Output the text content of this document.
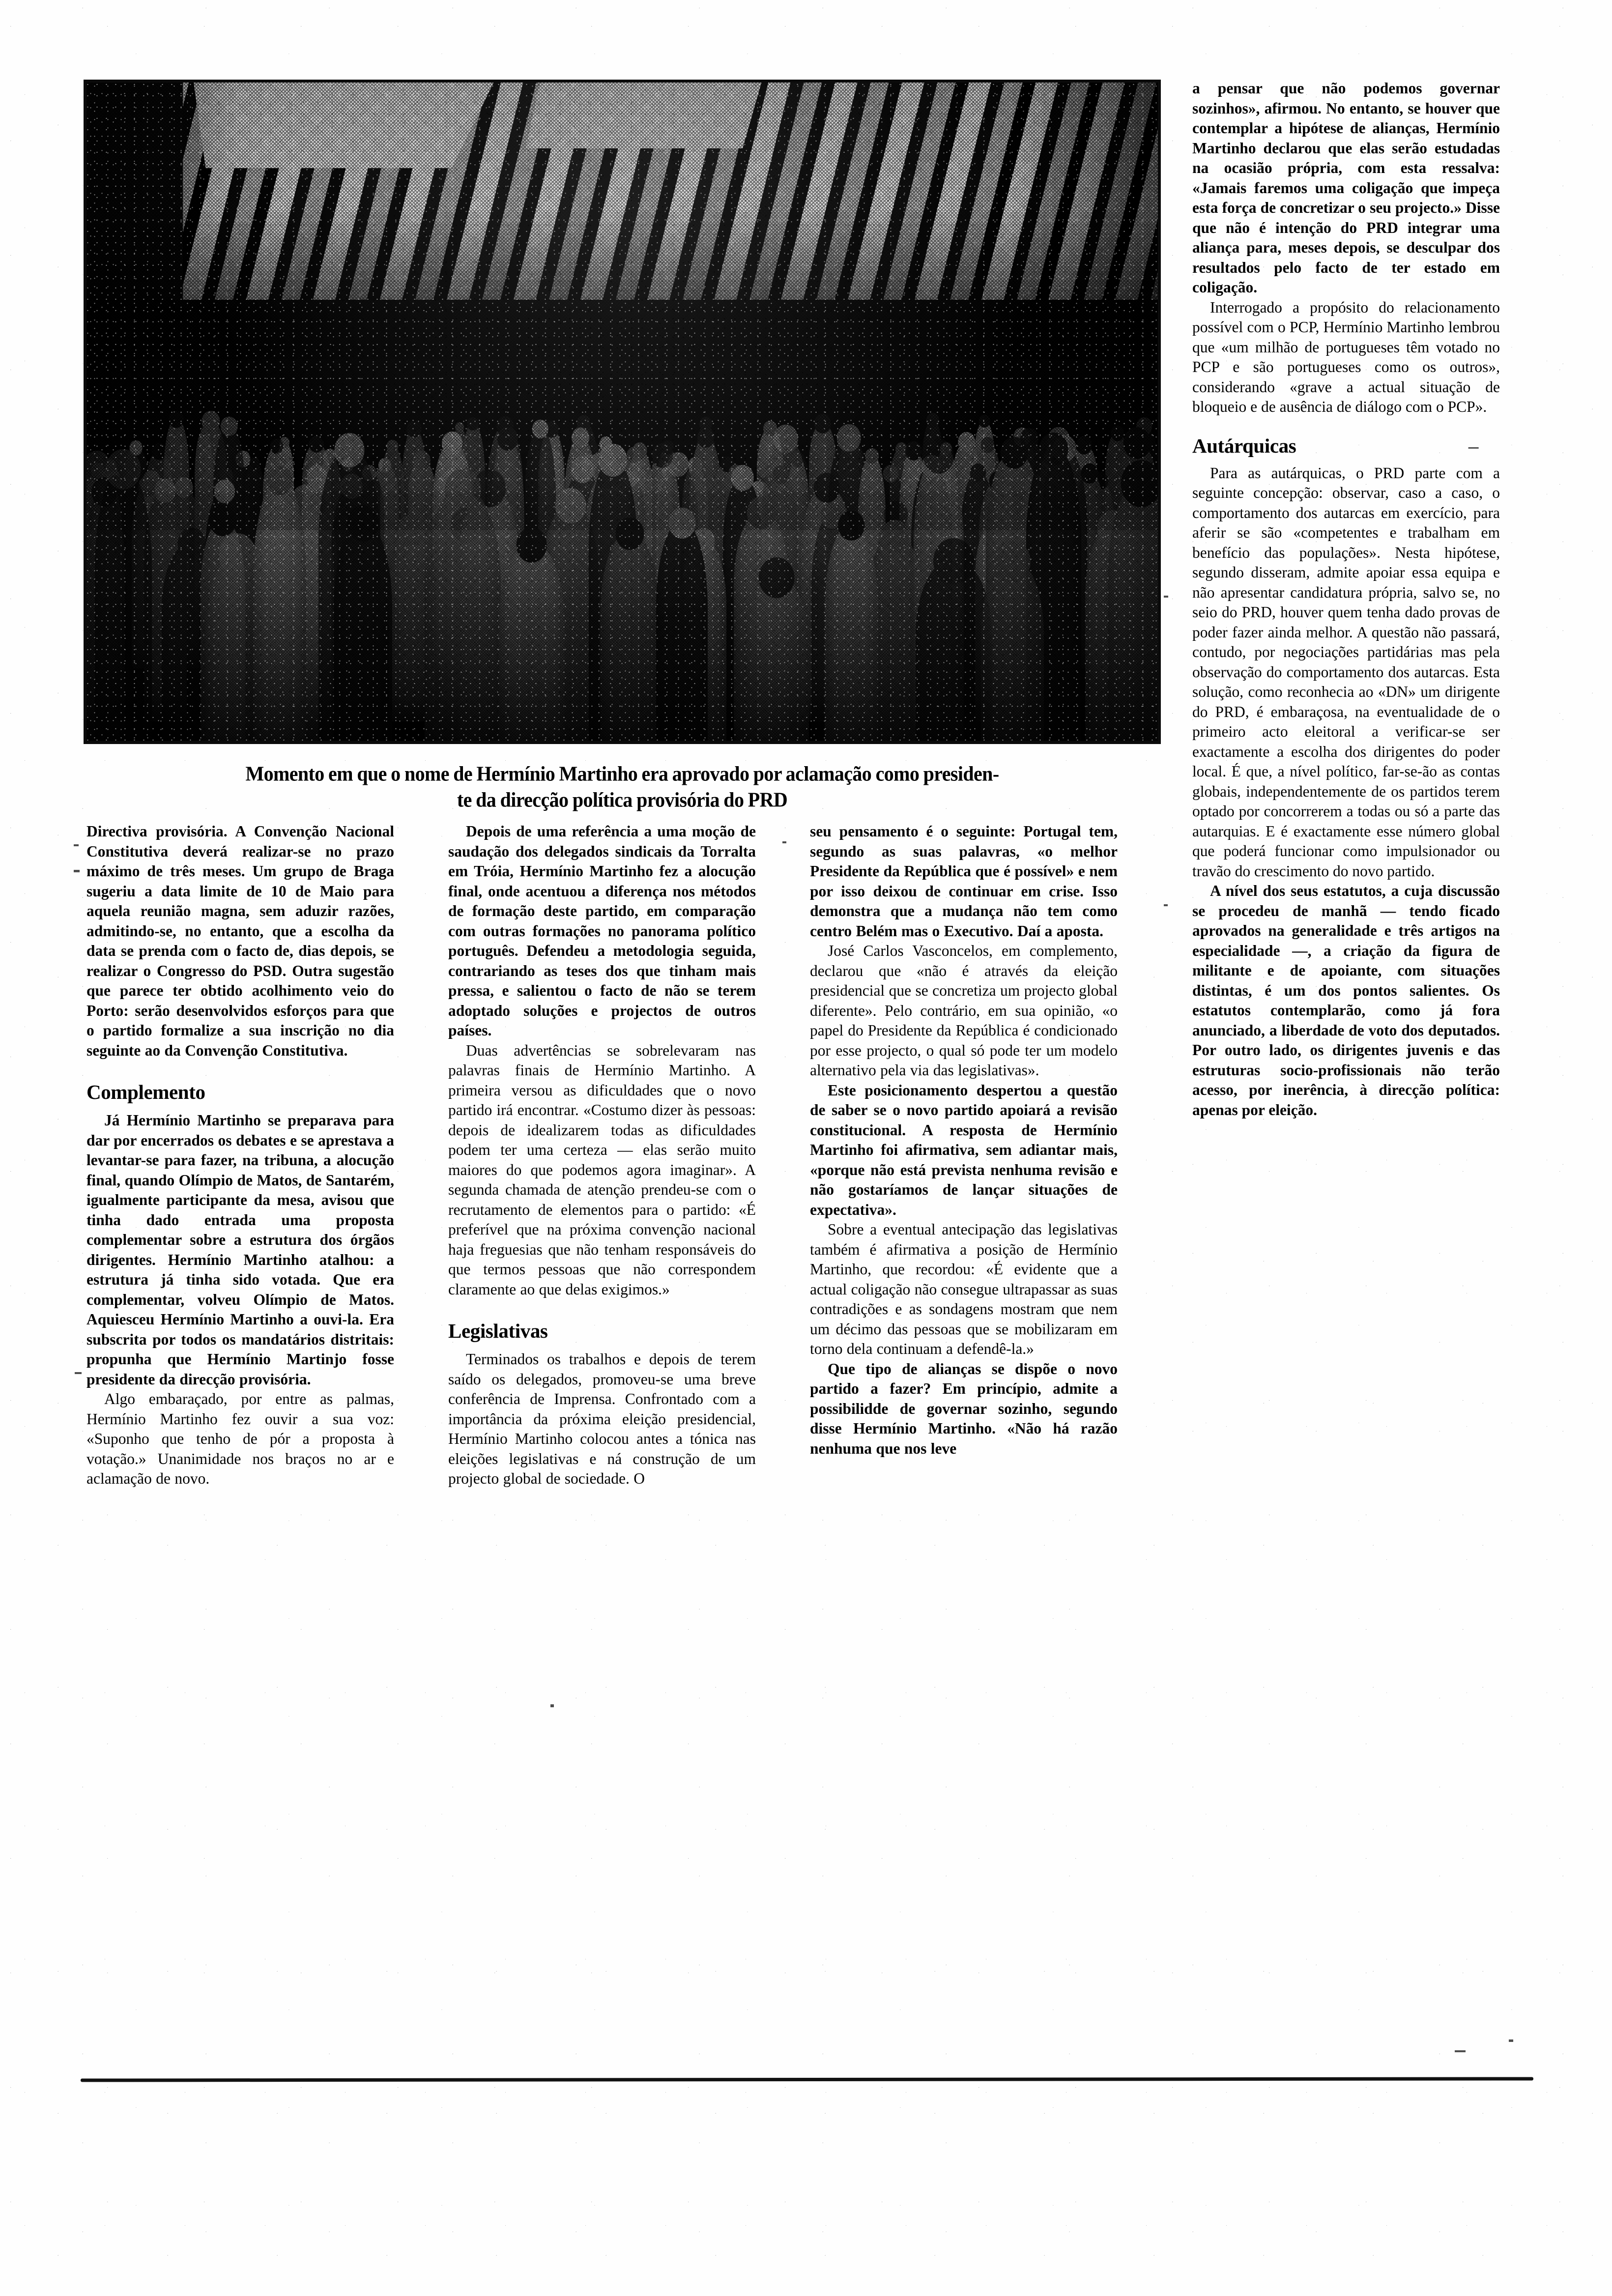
Momento em que o nome de Hermínio Martinho era aprovado por aclamação como presiden-
te da direcção política provisória do PRD

Directiva provisória. A Convenção Nacional Constitutiva deverá realizar-se no prazo máximo de três meses. Um grupo de Braga sugeriu a data limite de 10 de Maio para aquela reunião magna, sem aduzir razões, admitindo-se, no entanto, que a escolha da data se prenda com o facto de, dias depois, se realizar o Congresso do PSD. Outra sugestão que parece ter obtido acolhimento veio do Porto: serão desenvolvidos esforços para que o partido formalize a sua inscrição no dia seguinte ao da Convenção Constitutiva.

Complemento

Já Hermínio Martinho se preparava para dar por encerrados os debates e se aprestava a levantar-se para fazer, na tribuna, a alocução final, quando Olímpio de Matos, de Santarém, igualmente participante da mesa, avisou que tinha dado entrada uma proposta complementar sobre a estrutura dos órgãos dirigentes. Hermínio Martinho atalhou: a estrutura já tinha sido votada. Que era complementar, volveu Olímpio de Matos. Aquiesceu Hermínio Martinho a ouvi-la. Era subscrita por todos os mandatários distritais: propunha que Hermínio Martinjo fosse presidente da direcção provisória.

Algo embaraçado, por entre as palmas, Hermínio Martinho fez ouvir a sua voz: «Suponho que tenho de pór a proposta à votação.» Unanimidade nos braços no ar e aclamação de novo.

Depois de uma referência a uma moção de saudação dos delegados sindicais da Torralta em Tróia, Hermínio Martinho fez a alocução final, onde acentuou a diferença nos métodos de formação deste partido, em comparação com outras formações no panorama político português. Defendeu a metodologia seguida, contrariando as teses dos que tinham mais pressa, e salientou o facto de não se terem adoptado soluções e projectos de outros países.

Duas advertências se sobrelevaram nas palavras finais de Hermínio Martinho. A primeira versou as dificuldades que o novo partido irá encontrar. «Costumo dizer às pessoas: depois de idealizarem todas as dificuldades podem ter uma certeza — elas serão muito maiores do que podemos agora imaginar». A segunda chamada de atenção prendeu-se com o recrutamento de elementos para o partido: «É preferível que na próxima convenção nacional haja freguesias que não tenham responsáveis do que termos pessoas que não correspondem claramente ao que delas exigimos.»

Legislativas

Terminados os trabalhos e depois de terem saído os delegados, promoveu-se uma breve conferência de Imprensa. Confrontado com a importância da próxima eleição presidencial, Hermínio Martinho colocou antes a tónica nas eleições legislativas e ná construção de um projecto global de sociedade. O

seu pensamento é o seguinte: Portugal tem, segundo as suas palavras, «o melhor Presidente da República que é possível» e nem por isso deixou de continuar em crise. Isso demonstra que a mudança não tem como centro Belém mas o Executivo. Daí a aposta.

José Carlos Vasconcelos, em complemento, declarou que «não é através da eleição presidencial que se concretiza um projecto global diferente». Pelo contrário, em sua opinião, «o papel do Presidente da República é condicionado por esse projecto, o qual só pode ter um modelo alternativo pela via das legislativas».

Este posicionamento despertou a questão de saber se o novo partido apoiará a revisão constitucional. A resposta de Hermínio Martinho foi afirmativa, sem adiantar mais, «porque não está prevista nenhuma revisão e não gostaríamos de lançar situações de expectativa».

Sobre a eventual antecipação das legislativas também é afirmativa a posição de Hermínio Martinho, que recordou: «É evidente que a actual coligação não consegue ultrapassar as suas contradições e as sondagens mostram que nem um décimo das pessoas que se mobilizaram em torno dela continuam a defendê-la.»

Que tipo de alianças se dispõe o novo partido a fazer? Em princípio, admite a possibilidde de governar sozinho, segundo disse Hermínio Martinho. «Não há razão nenhuma que nos leve

a pensar que não podemos governar sozinhos», afirmou. No entanto, se houver que contemplar a hipótese de alianças, Hermínio Martinho declarou que elas serão estudadas na ocasião própria, com esta ressalva: «Jamais faremos uma coligação que impeça esta força de concretizar o seu projecto.» Disse que não é intenção do PRD integrar uma aliança para, meses depois, se desculpar dos resultados pelo facto de ter estado em coligação.

Interrogado a propósito do relacionamento possível com o PCP, Hermínio Martinho lembrou que «um milhão de portugueses têm votado no PCP e são portugueses como os outros», considerando «grave a actual situação de bloqueio e de ausência de diálogo com o PCP».

Autárquicas	–

Para as autárquicas, o PRD parte com a seguinte concepção: observar, caso a caso, o comportamento dos autarcas em exercício, para aferir se são «competentes e trabalham em benefício das populações». Nesta hipótese, segundo disseram, admite apoiar essa equipa e não apresentar candidatura própria, salvo se, no seio do PRD, houver quem tenha dado provas de poder fazer ainda melhor. A questão não passará, contudo, por negociações partidárias mas pela observação do comportamento dos autarcas. Esta solução, como reconhecia ao «DN» um dirigente do PRD, é embaraçosa, na eventualidade de o primeiro acto eleitoral a verificar-se ser exactamente a escolha dos dirigentes do poder local. É que, a nível político, far-se-ão as contas globais, independentemente de os partidos terem optado por concorrerem a todas ou só a parte das autarquias. E é exactamente esse número global que poderá funcionar como impulsionador ou travão do crescimento do novo partido.

A nível dos seus estatutos, a cuja discussão se procedeu de manhã — tendo ficado aprovados na generalidade e três artigos na especialidade —, a criação da figura de militante e de apoiante, com situações distintas, é um dos pontos salientes. Os estatutos contemplarão, como já fora anunciado, a liberdade de voto dos deputados. Por outro lado, os dirigentes juvenis e das estruturas socio-profissionais não terão acesso, por inerência, à direcção política: apenas por eleição.
